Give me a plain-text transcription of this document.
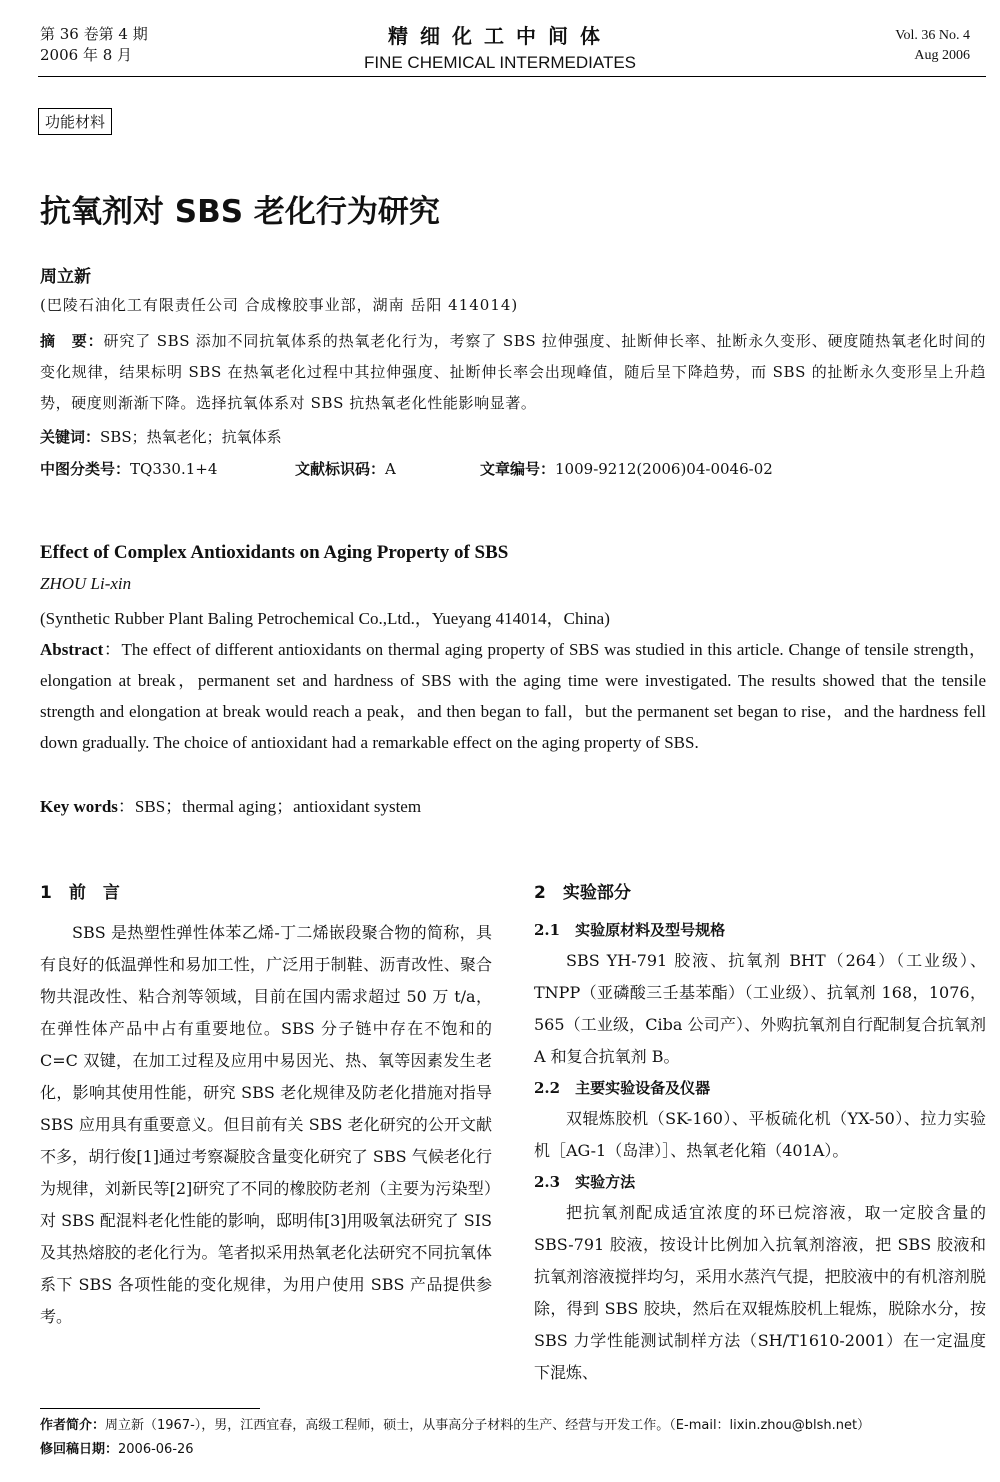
第 36 卷第 4 期
2006 年 8 月
精细化工中间体
FINE CHEMICAL INTERMEDIATES
Vol. 36 No. 4
Aug 2006
功能材料
抗氧剂对 SBS 老化行为研究
周立新
(巴陵石油化工有限责任公司 合成橡胶事业部，湖南 岳阳 414014)
摘　要：研究了 SBS 添加不同抗氧体系的热氧老化行为，考察了 SBS 拉伸强度、扯断伸长率、扯断永久变形、硬度随热氧老化时间的变化规律，结果标明 SBS 在热氧老化过程中其拉伸强度、扯断伸长率会出现峰值，随后呈下降趋势，而 SBS 的扯断永久变形呈上升趋势，硬度则渐渐下降。选择抗氧体系对 SBS 抗热氧老化性能影响显著。
关键词：SBS；热氧老化；抗氧体系
中图分类号：TQ330.1+4	文献标识码：A	文章编号：1009-9212(2006)04-0046-02
Effect of Complex Antioxidants on Aging Property of SBS
ZHOU Li-xin
(Synthetic Rubber Plant Baling Petrochemical Co.,Ltd.，Yueyang 414014，China)
Abstract：The effect of different antioxidants on thermal aging property of SBS was studied in this article. Change of tensile strength，elongation at break，permanent set and hardness of SBS with the aging time were investigated. The results showed that the tensile strength and elongation at break would reach a peak，and then began to fall，but the permanent set began to rise，and the hardness fell down gradually. The choice of antioxidant had a remarkable effect on the aging property of SBS.
Key words：SBS；thermal aging；antioxidant system
1　前　言

SBS 是热塑性弹性体苯乙烯-丁二烯嵌段聚合物的简称，具有良好的低温弹性和易加工性，广泛用于制鞋、沥青改性、聚合物共混改性、粘合剂等领域，目前在国内需求超过 50 万 t/a，在弹性体产品中占有重要地位。SBS 分子链中存在不饱和的 C=C 双键，在加工过程及应用中易因光、热、氧等因素发生老化，影响其使用性能，研究 SBS 老化规律及防老化措施对指导 SBS 应用具有重要意义。但目前有关 SBS 老化研究的公开文献不多，胡行俊[1]通过考察凝胶含量变化研究了 SBS 气候老化行为规律，刘新民等[2]研究了不同的橡胶防老剂（主要为污染型）对 SBS 配混料老化性能的影响，邸明伟[3]用吸氧法研究了 SIS 及其热熔胶的老化行为。笔者拟采用热氧老化法研究不同抗氧体系下 SBS 各项性能的变化规律，为用户使用 SBS 产品提供参考。

2　实验部分

2.1　实验原材料及型号规格

SBS YH-791 胶液、抗氧剂 BHT（264）（工业级）、TNPP（亚磷酸三壬基苯酯）（工业级）、抗氧剂 168，1076，565（工业级，Ciba 公司产）、外购抗氧剂自行配制复合抗氧剂 A 和复合抗氧剂 B。

2.2　主要实验设备及仪器

双辊炼胶机（SK-160）、平板硫化机（YX-50）、拉力实验机［AG-1（岛津）］、热氧老化箱（401A）。

2.3　实验方法

把抗氧剂配成适宜浓度的环已烷溶液，取一定胶含量的 SBS-791 胶液，按设计比例加入抗氧剂溶液，把 SBS 胶液和抗氧剂溶液搅拌均匀，采用水蒸汽气提，把胶液中的有机溶剂脱除，得到 SBS 胶块，然后在双辊炼胶机上辊炼，脱除水分，按 SBS 力学性能测试制样方法（SH/T1610-2001）在一定温度下混炼、

作者简介：周立新（1967-），男，江西宜春，高级工程师，硕士，从事高分子材料的生产、经营与开发工作。（E-mail：lixin.zhou@blsh.net）
修回稿日期：2006-06-26
